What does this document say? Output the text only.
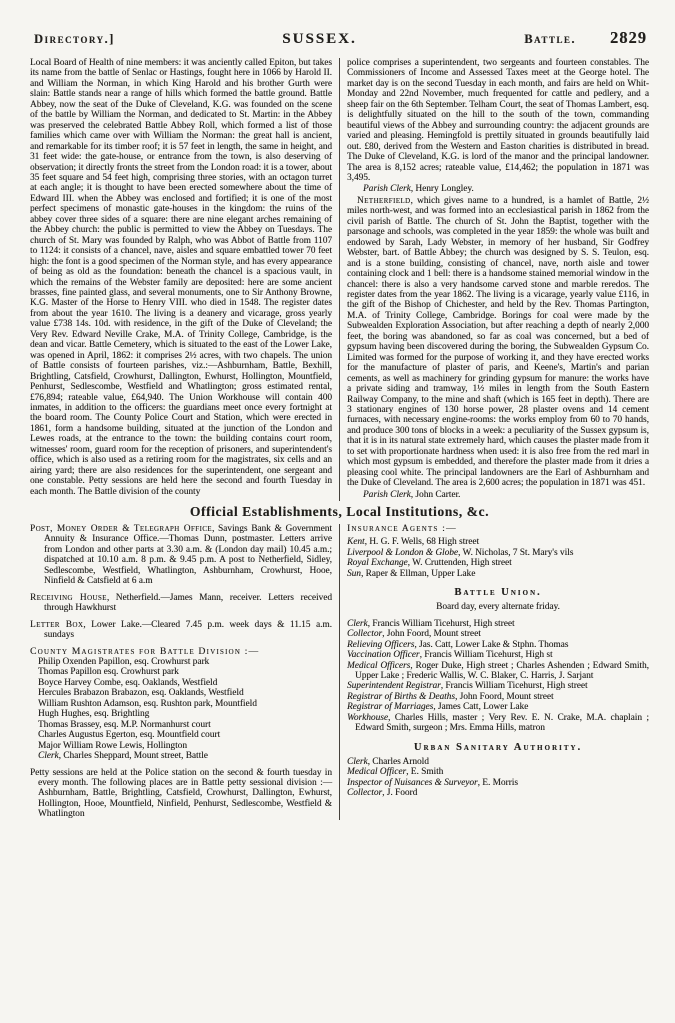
Directory.]	SUSSEX.	Battle. 2829

Local Board of Health of nine members: it was anciently called Epiton, but takes its name from the battle of Senlac or Hastings, fought here in 1066 by Harold II. and William the Norman, in which King Harold and his brother Gurth were slain: Battle stands near a range of hills which formed the battle ground. Battle Abbey, now the seat of the Duke of Cleveland, K.G. was founded on the scene of the battle by William the Norman, and dedicated to St. Martin: in the Abbey was preserved the celebrated Battle Abbey Roll, which formed a list of those families which came over with William the Norman: the great hall is ancient, and remarkable for its timber roof; it is 57 feet in length, the same in height, and 31 feet wide: the gate-house, or entrance from the town, is also deserving of observation; it directly fronts the street from the London road: it is a tower, about 35 feet square and 54 feet high, comprising three stories, with an octagon turret at each angle; it is thought to have been erected somewhere about the time of Edward III. when the Abbey was enclosed and fortified; it is one of the most perfect specimens of monastic gate-houses in the kingdom: the ruins of the abbey cover three sides of a square: there are nine elegant arches remaining of the Abbey church: the public is permitted to view the Abbey on Tuesdays. The church of St. Mary was founded by Ralph, who was Abbot of Battle from 1107 to 1124: it consists of a chancel, nave, aisles and square embattled tower 70 feet high: the font is a good specimen of the Norman style, and has every appearance of being as old as the foundation: beneath the chancel is a spacious vault, in which the remains of the Webster family are deposited: here are some ancient brasses, fine painted glass, and several monuments, one to Sir Anthony Browne, K.G. Master of the Horse to Henry VIII. who died in 1548. The register dates from about the year 1610. The living is a deanery and vicarage, gross yearly value £738 14s. 10d. with residence, in the gift of the Duke of Cleveland; the Very Rev. Edward Neville Crake, M.A. of Trinity College, Cambridge, is the dean and vicar. Battle Cemetery, which is situated to the east of the Lower Lake, was opened in April, 1862: it comprises 2½ acres, with two chapels. The union of Battle consists of fourteen parishes, viz.:—Ashburnham, Battle, Bexhill, Brightling, Catsfield, Crowhurst, Dallington, Ewhurst, Hollington, Mountfield, Penhurst, Sedlescombe, Westfield and Whatlington; gross estimated rental, £76,894; rateable value, £64,940. The Union Workhouse will contain 400 inmates, in addition to the officers: the guardians meet once every fortnight at the board room. The County Police Court and Station, which were erected in 1861, form a handsome building, situated at the junction of the London and Lewes roads, at the entrance to the town: the building contains court room, witnesses' room, guard room for the reception of prisoners, and superintendent's office, which is also used as a retiring room for the magistrates, six cells and an airing yard; there are also residences for the superintendent, one sergeant and one constable. Petty sessions are held here the second and fourth Tuesday in each month. The Battle division of the county

police comprises a superintendent, two sergeants and fourteen constables. The Commissioners of Income and Assessed Taxes meet at the George hotel. The market day is on the second Tuesday in each month, and fairs are held on Whit-Monday and 22nd November, much frequented for cattle and pedlery, and a sheep fair on the 6th September. Telham Court, the seat of Thomas Lambert, esq. is delightfully situated on the hill to the south of the town, commanding beautiful views of the Abbey and surrounding country: the adjacent grounds are varied and pleasing. Hemingfold is prettily situated in grounds beautifully laid out. £80, derived from the Western and Easton charities is distributed in bread. The Duke of Cleveland, K.G. is lord of the manor and the principal landowner. The area is 8,152 acres; rateable value, £14,462; the population in 1871 was 3,495.

Parish Clerk, Henry Longley.

Netherfield, which gives name to a hundred, is a hamlet of Battle, 2½ miles north-west, and was formed into an ecclesiastical parish in 1862 from the civil parish of Battle. The church of St. John the Baptist, together with the parsonage and schools, was completed in the year 1859: the whole was built and endowed by Sarah, Lady Webster, in memory of her husband, Sir Godfrey Webster, bart. of Battle Abbey; the church was designed by S. S. Teulon, esq. and is a stone building, consisting of chancel, nave, north aisle and tower containing clock and 1 bell: there is a handsome stained memorial window in the chancel: there is also a very handsome carved stone and marble reredos. The register dates from the year 1862. The living is a vicarage, yearly value £116, in the gift of the Bishop of Chichester, and held by the Rev. Thomas Partington, M.A. of Trinity College, Cambridge. Borings for coal were made by the Subwealden Exploration Association, but after reaching a depth of nearly 2,000 feet, the boring was abandoned, so far as coal was concerned, but a bed of gypsum having been discovered during the boring, the Subwealden Gypsum Co. Limited was formed for the purpose of working it, and they have erected works for the manufacture of plaster of paris, and Keene's, Martin's and parian cements, as well as machinery for grinding gypsum for manure: the works have a private siding and tramway, 1½ miles in length from the South Eastern Railway Company, to the mine and shaft (which is 165 feet in depth). There are 3 stationary engines of 130 horse power, 28 plaster ovens and 14 cement furnaces, with necessary engine-rooms: the works employ from 60 to 70 hands, and produce 300 tons of blocks in a week: a peculiarity of the Sussex gypsum is, that it is in its natural state extremely hard, which causes the plaster made from it to set with proportionate hardness when used: it is also free from the red marl in which most gypsum is embedded, and therefore the plaster made from it dries a pleasing cool white. The principal landowners are the Earl of Ashburnham and the Duke of Cleveland. The area is 2,600 acres; the population in 1871 was 451.

Parish Clerk, John Carter.
Official Establishments, Local Institutions, &c.

Post, Money Order & Telegraph Office, Savings Bank & Government Annuity & Insurance Office.—Thomas Dunn, postmaster. Letters arrive from London and other parts at 3.30 a.m. & (London day mail) 10.45 a.m.; dispatched at 10.10 a.m. 8 p.m. & 9.45 p.m. A post to Netherfield, Sidley, Sedlescombe, Westfield, Whatlington, Ashburnham, Crowhurst, Hooe, Ninfield & Catsfield at 6 a.m

Receiving House, Netherfield.—James Mann, receiver. Letters received through Hawkhurst

Letter Box, Lower Lake.—Cleared 7.45 p.m. week days & 11.15 a.m. sundays

County Magistrates for Battle Division :—
Philip Oxenden Papillon, esq. Crowhurst park
Thomas Papillon esq. Crowhurst park
Boyce Harvey Combe, esq. Oaklands, Westfield
Hercules Brabazon Brabazon, esq. Oaklands, Westfield
William Rushton Adamson, esq. Rushton park, Mountfield
Hugh Hughes, esq. Brightling
Thomas Brassey, esq. M.P. Normanhurst court
Charles Augustus Egerton, esq. Mountfield court
Major William Rowe Lewis, Hollington
Clerk, Charles Sheppard, Mount street, Battle

Petty sessions are held at the Police station on the second & fourth tuesday in every month. The following places are in Battle petty sessional division :—Ashburnham, Battle, Brightling, Catsfield, Crowhurst, Dallington, Ewhurst, Hollington, Hooe, Mountfield, Ninfield, Penhurst, Sedlescombe, Westfield & Whatlington

Insurance Agents :—
Kent, H. G. F. Wells, 68 High street
Liverpool & London & Globe, W. Nicholas, 7 St. Mary's vils
Royal Exchange, W. Cruttenden, High street
Sun, Raper & Ellman, Upper Lake
Battle Union.
Board day, every alternate friday.
Clerk, Francis William Ticehurst, High street
Collector, John Foord, Mount street
Relieving Officers, Jas. Catt, Lower Lake & Stphn. Thomas
Vaccination Officer, Francis William Ticehurst, High st
Medical Officers, Roger Duke, High street ; Charles Ashenden ; Edward Smith, Upper Lake ; Frederic Wallis, W. C. Blaker, C. Harris, J. Sarjant
Superintendent Registrar, Francis William Ticehurst, High street
Registrar of Births & Deaths, John Foord, Mount street
Registrar of Marriages, James Catt, Lower Lake
Workhouse, Charles Hills, master ; Very Rev. E. N. Crake, M.A. chaplain ; Edward Smith, surgeon ; Mrs. Emma Hills, matron
Urban Sanitary Authority.
Clerk, Charles Arnold
Medical Officer, E. Smith
Inspector of Nuisances & Surveyor, E. Morris
Collector, J. Foord
